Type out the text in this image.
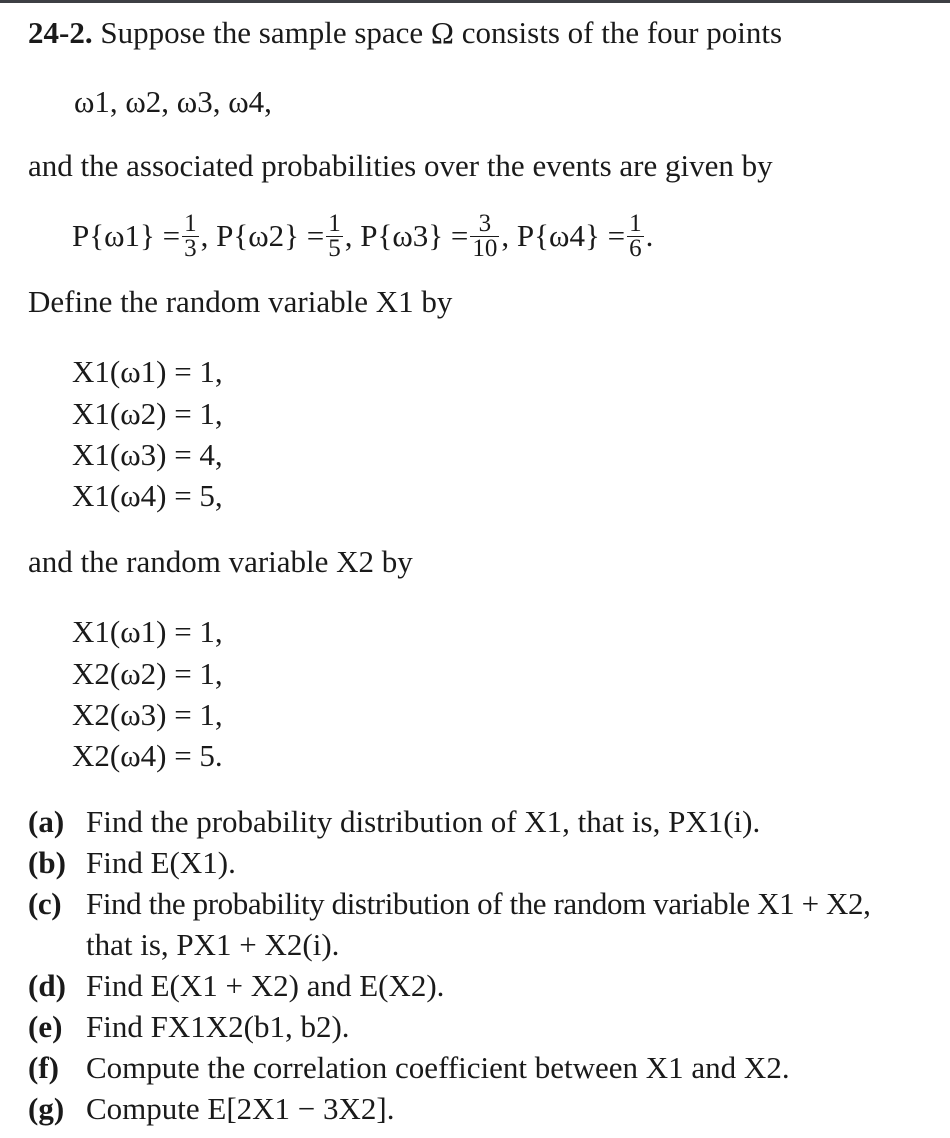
24-2. Suppose the sample space Ω consists of the four points
ω1, ω2, ω3, ω4,
and the associated probabilities over the events are given by
$P\{\omega 1\} = \frac{1}{3}$ , $P\{\omega 2\} = \frac{1}{5}$ , $P\{\omega 3\} = \frac{3}{10}$ , $P\{\omega 4\} = \frac{1}{6}$ .
Define the random variable X1 by
X1(ω1) = 1,
X1(ω2) = 1,
X1(ω3) = 4,
X1(ω4) = 5,
and the random variable X2 by
X1(ω1) = 1,
X2(ω2) = 1,
X2(ω3) = 1,
X2(ω4) = 5.
(a) Find the probability distribution of X1, that is, PX1(i).
(b) Find E(X1).
(c) Find the probability distribution of the random variable X1 + X2,
that is, PX1 + X2(i).
(d) Find E(X1 + X2) and E(X2).
(e) Find FX1X2(b1, b2).
(f) Compute the correlation coefficient between X1 and X2.
(g) Compute E[2X1 − 3X2].
